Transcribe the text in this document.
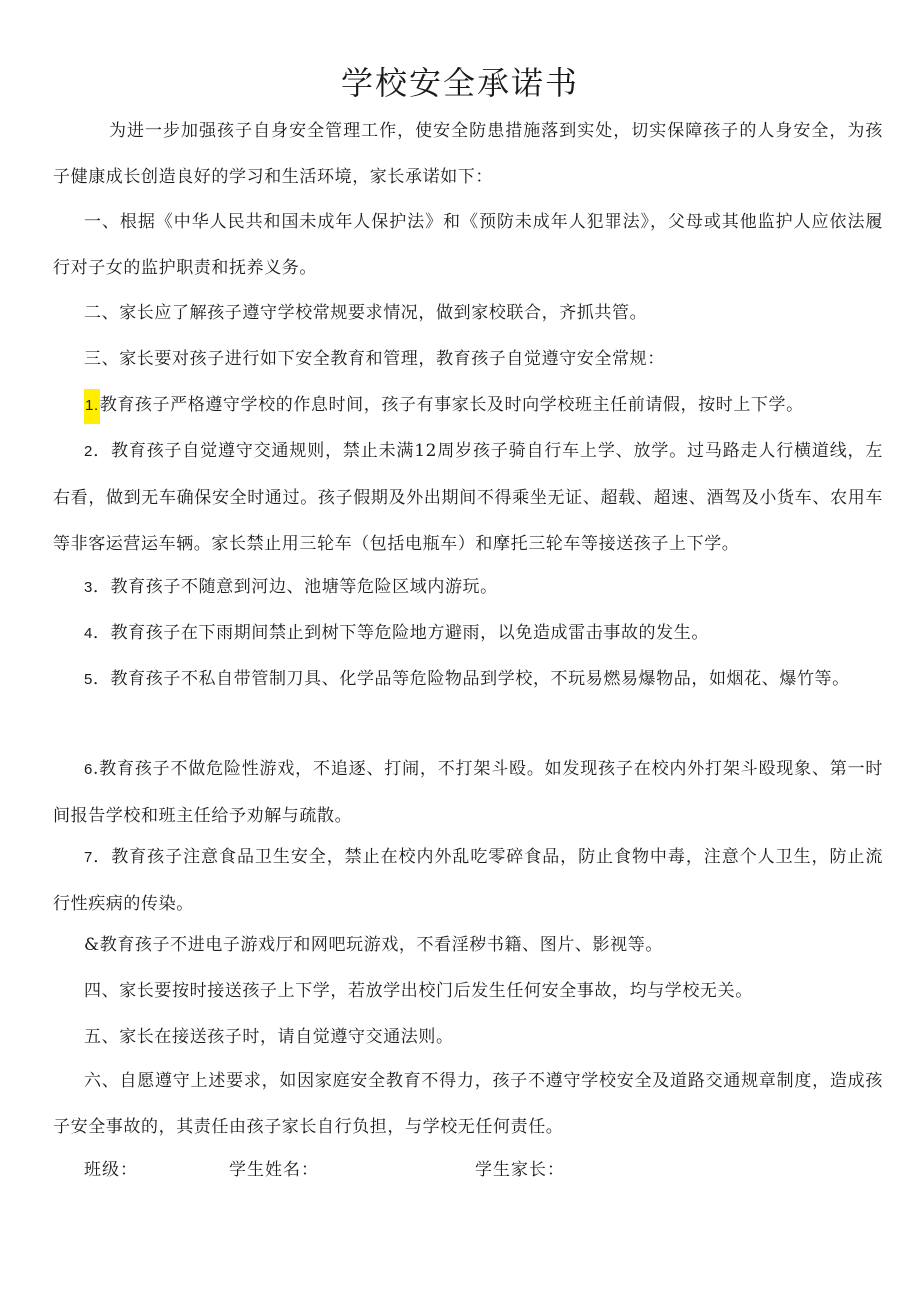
学校安全承诺书
为进一步加强孩子自身安全管理工作，使安全防患措施落到实处，切实保障孩子的人身安全，为孩子健康成长创造良好的学习和生活环境，家长承诺如下：
一、根据《中华人民共和国未成年人保护法》和《预防未成年人犯罪法》，父母或其他监护人应依法履行对子女的监护职责和抚养义务。
二、家长应了解孩子遵守学校常规要求情况，做到家校联合，齐抓共管。
三、家长要对孩子进行如下安全教育和管理，教育孩子自觉遵守安全常规：
1.教育孩子严格遵守学校的作息时间，孩子有事家长及时向学校班主任前请假，按时上下学。
2．教育孩子自觉遵守交通规则，禁止未满12周岁孩子骑自行车上学、放学。过马路走人行横道线，左右看，做到无车确保安全时通过。孩子假期及外出期间不得乘坐无证、超载、超速、酒驾及小货车、农用车等非客运营运车辆。家长禁止用三轮车（包括电瓶车）和摩托三轮车等接送孩子上下学。
3．教育孩子不随意到河边、池塘等危险区域内游玩。
4．教育孩子在下雨期间禁止到树下等危险地方避雨，以免造成雷击事故的发生。
5．教育孩子不私自带管制刀具、化学品等危险物品到学校，不玩易燃易爆物品，如烟花、爆竹等。
6.教育孩子不做危险性游戏，不追逐、打闹，不打架斗殴。如发现孩子在校内外打架斗殴现象、第一时间报告学校和班主任给予劝解与疏散。
7．教育孩子注意食品卫生安全，禁止在校内外乱吃零碎食品，防止食物中毒，注意个人卫生，防止流行性疾病的传染。
&教育孩子不进电子游戏厅和网吧玩游戏，不看淫秽书籍、图片、影视等。
四、家长要按时接送孩子上下学，若放学出校门后发生任何安全事故，均与学校无关。
五、家长在接送孩子时，请自觉遵守交通法则。
六、自愿遵守上述要求，如因家庭安全教育不得力，孩子不遵守学校安全及道路交通规章制度，造成孩子安全事故的，其责任由孩子家长自行负担，与学校无任何责任。
班级：	学生姓名：	学生家长：
